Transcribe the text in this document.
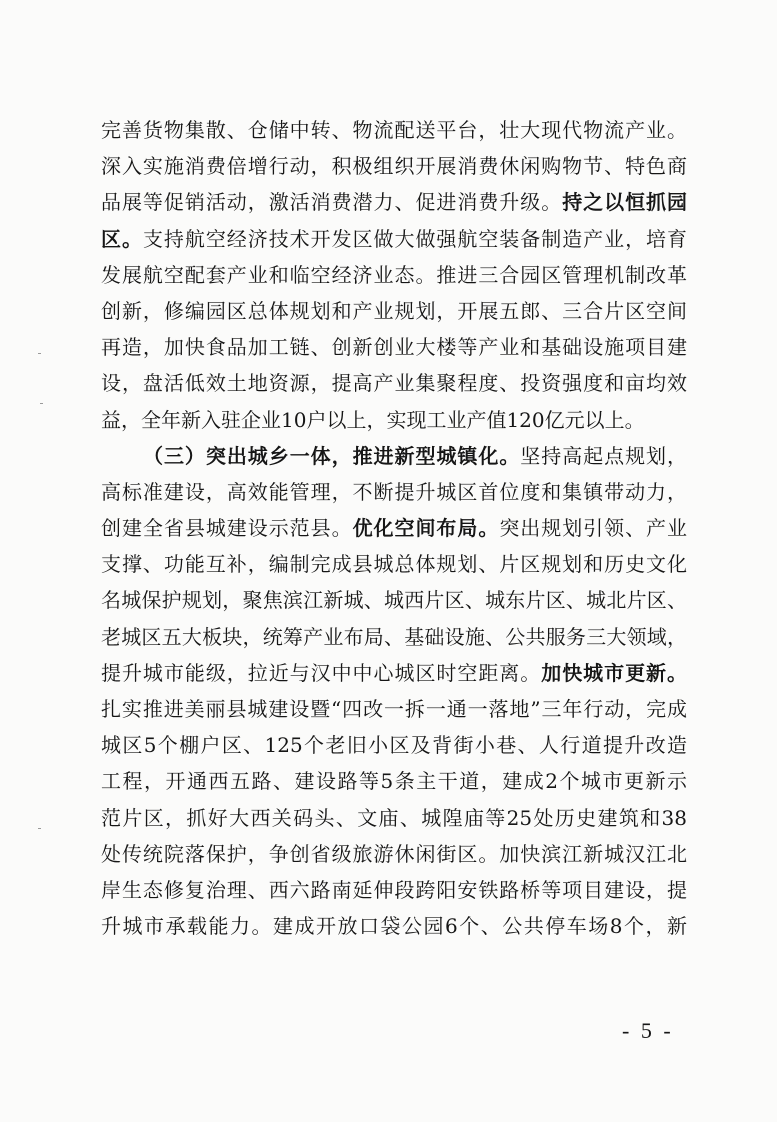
完善货物集散、仓储中转、物流配送平台，壮大现代物流产业。
深入实施消费倍增行动，积极组织开展消费休闲购物节、特色商
品展等促销活动，激活消费潜力、促进消费升级。持之以恒抓园
区。支持航空经济技术开发区做大做强航空装备制造产业，培育
发展航空配套产业和临空经济业态。推进三合园区管理机制改革
创新，修编园区总体规划和产业规划，开展五郎、三合片区空间
再造，加快食品加工链、创新创业大楼等产业和基础设施项目建
设，盘活低效土地资源，提高产业集聚程度、投资强度和亩均效
益，全年新入驻企业10户以上，实现工业产值120亿元以上。
（三）突出城乡一体，推进新型城镇化。坚持高起点规划，
高标准建设，高效能管理，不断提升城区首位度和集镇带动力，
创建全省县城建设示范县。优化空间布局。突出规划引领、产业
支撑、功能互补，编制完成县城总体规划、片区规划和历史文化
名城保护规划，聚焦滨江新城、城西片区、城东片区、城北片区、
老城区五大板块，统筹产业布局、基础设施、公共服务三大领域，
提升城市能级，拉近与汉中中心城区时空距离。加快城市更新。
扎实推进美丽县城建设暨“四改一拆一通一落地”三年行动，完成
城区5个棚户区、125个老旧小区及背街小巷、人行道提升改造
工程，开通西五路、建设路等5条主干道，建成2个城市更新示
范片区，抓好大西关码头、文庙、城隍庙等25处历史建筑和38
处传统院落保护，争创省级旅游休闲街区。加快滨江新城汉江北
岸生态修复治理、西六路南延伸段跨阳安铁路桥等项目建设，提
升城市承载能力。建成开放口袋公园6个、公共停车场8个，新
- 5 -
